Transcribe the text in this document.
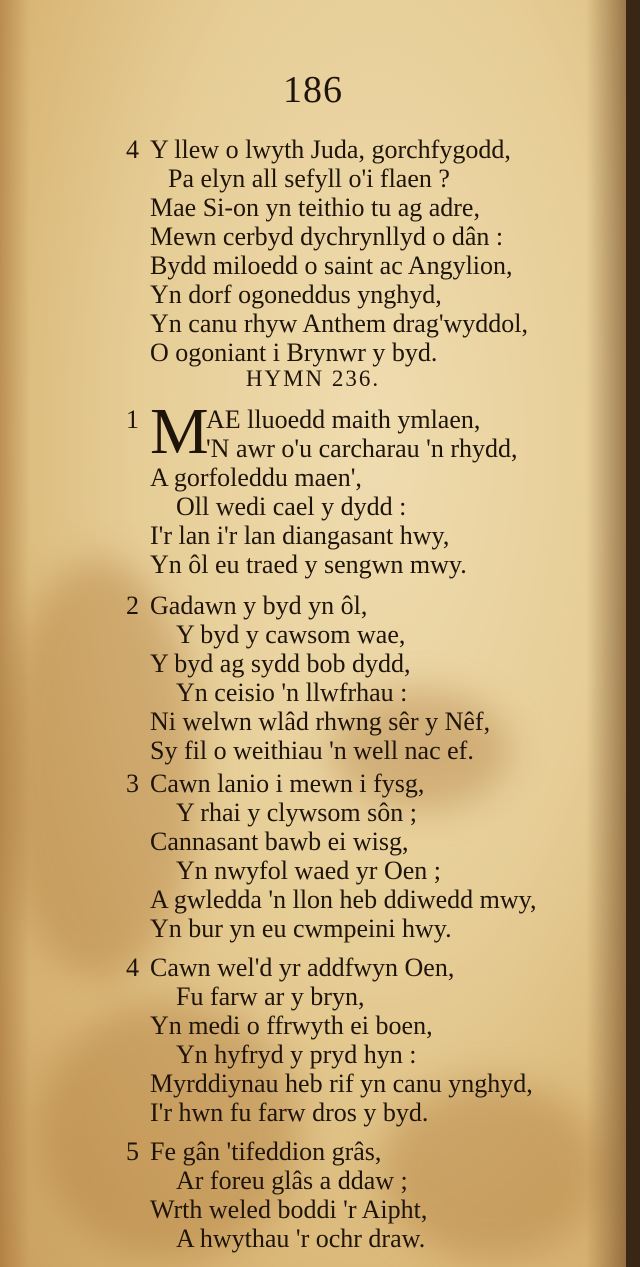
186
4 Y llew o lwyth Juda, gorchfygodd,
Pa elyn all sefyll o'i flaen ?
Mae Si-on yn teithio tu ag adre,
Mewn cerbyd dychrynllyd o dân :
Bydd miloedd o saint ac Angylion,
Yn dorf ogoneddus ynghyd,
Yn canu rhyw Anthem drag'wyddol,
O ogoniant i Brynwr y byd.
HYMN 236.
1 M
AE lluoedd maith ymlaen,
'N awr o'u carcharau 'n rhydd,
A gorfoleddu maen',
Oll wedi cael y dydd :
I'r lan i'r lan diangasant hwy,
Yn ôl eu traed y sengwn mwy.
2 Gadawn y byd yn ôl,
Y byd y cawsom wae,
Y byd ag sydd bob dydd,
Yn ceisio 'n llwfrhau :
Ni welwn wlâd rhwng sêr y Nêf,
Sy fil o weithiau 'n well nac ef.
3 Cawn lanio i mewn i fysg,
Y rhai y clywsom sôn ;
Cannasant bawb ei wisg,
Yn nwyfol waed yr Oen ;
A gwledda 'n llon heb ddiwedd mwy,
Yn bur yn eu cwmpeini hwy.
4 Cawn wel'd yr addfwyn Oen,
Fu farw ar y bryn,
Yn medi o ffrwyth ei boen,
Yn hyfryd y pryd hyn :
Myrddiynau heb rif yn canu ynghyd,
I'r hwn fu farw dros y byd.
5 Fe gân 'tifeddion grâs,
Ar foreu glâs a ddaw ;
Wrth weled boddi 'r Aipht,
A hwythau 'r ochr draw.
